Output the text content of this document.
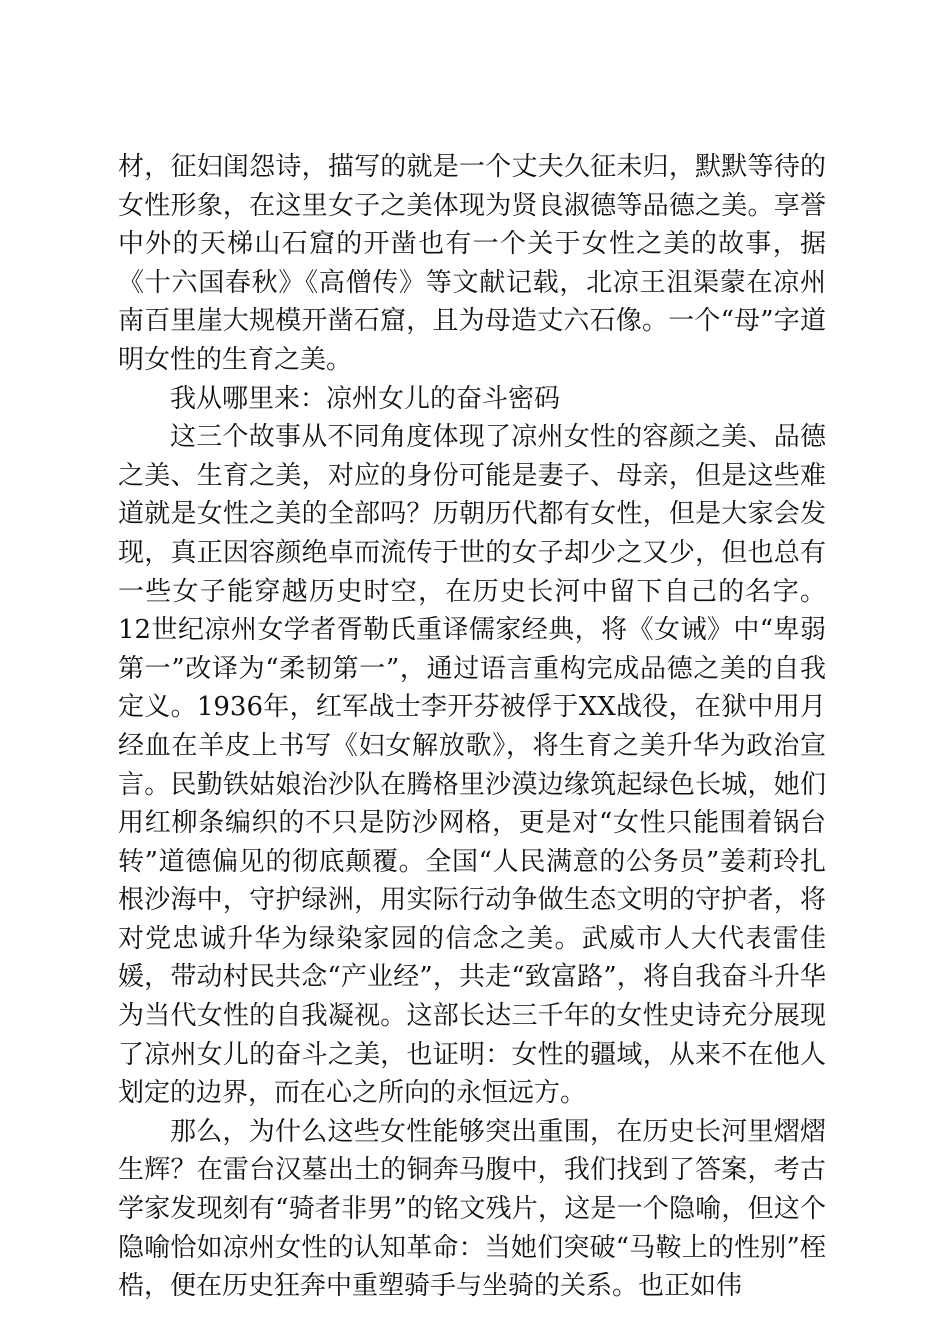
材，征妇闺怨诗，描写的就是一个丈夫久征未归，默默等待的女性形象，在这里女子之美体现为贤良淑德等品德之美。享誉中外的天梯山石窟的开凿也有一个关于女性之美的故事，据《十六国春秋》《高僧传》等文献记载，北凉王沮渠蒙在凉州南百里崖大规模开凿石窟，且为母造丈六石像。一个“母”字道明女性的生育之美。

我从哪里来：凉州女儿的奋斗密码

这三个故事从不同角度体现了凉州女性的容颜之美、品德之美、生育之美，对应的身份可能是妻子、母亲，但是这些难道就是女性之美的全部吗？历朝历代都有女性，但是大家会发现，真正因容颜绝卓而流传于世的女子却少之又少，但也总有一些女子能穿越历史时空，在历史长河中留下自己的名字。12世纪凉州女学者胥勒氏重译儒家经典，将《女诫》中“卑弱第一”改译为“柔韧第一”，通过语言重构完成品德之美的自我定义。1936年，红军战士李开芬被俘于XX战役，在狱中用月经血在羊皮上书写《妇女解放歌》，将生育之美升华为政治宣言。民勤铁姑娘治沙队在腾格里沙漠边缘筑起绿色长城，她们用红柳条编织的不只是防沙网格，更是对“女性只能围着锅台转”道德偏见的彻底颠覆。全国“人民满意的公务员”姜莉玲扎根沙海中，守护绿洲，用实际行动争做生态文明的守护者，将对党忠诚升华为绿染家园的信念之美。武威市人大代表雷佳媛，带动村民共念“产业经”，共走“致富路”，将自我奋斗升华为当代女性的自我凝视。这部长达三千年的女性史诗充分展现了凉州女儿的奋斗之美，也证明：女性的疆域，从来不在他人划定的边界，而在心之所向的永恒远方。

那么，为什么这些女性能够突出重围，在历史长河里熠熠生辉？在雷台汉墓出土的铜奔马腹中，我们找到了答案，考古学家发现刻有“骑者非男”的铭文残片，这是一个隐喻，但这个隐喻恰如凉州女性的认知革命：当她们突破“马鞍上的性别”桎梏，便在历史狂奔中重塑骑手与坐骑的关系。也正如伟
